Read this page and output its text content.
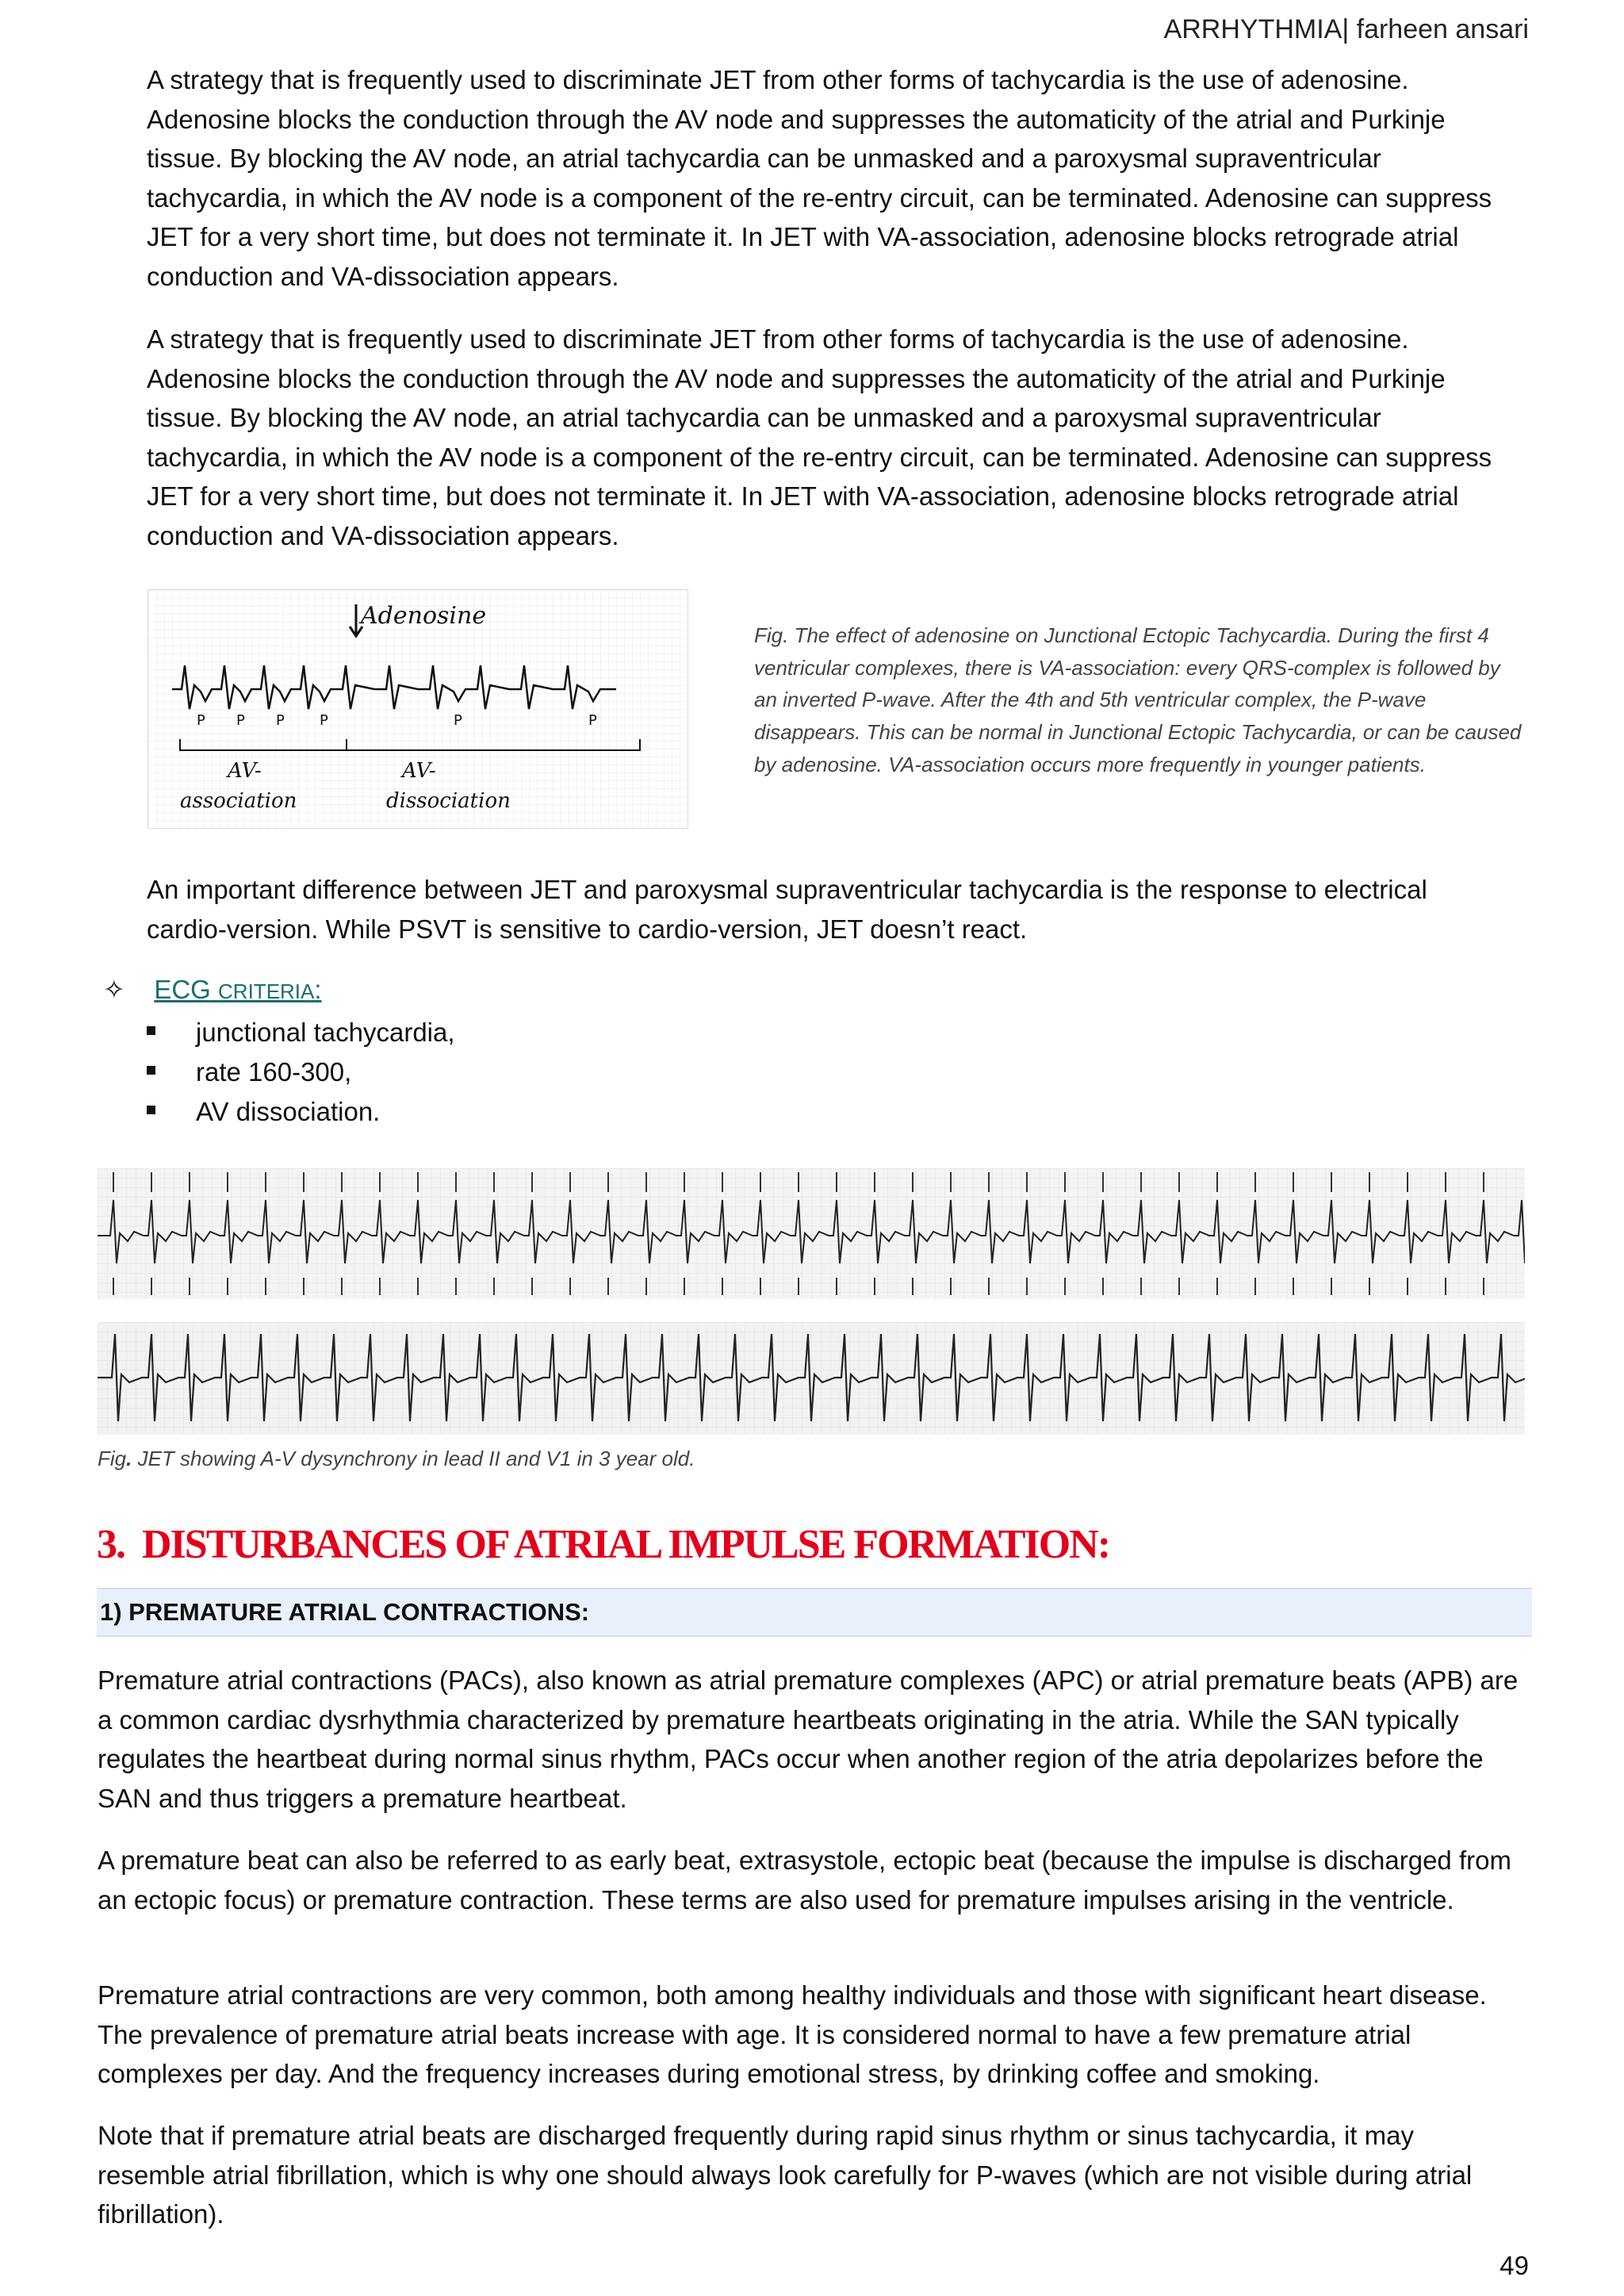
ARRHYTHMIA| farheen ansari

A strategy that is frequently used to discriminate JET from other forms of tachycardia is the use of adenosine. Adenosine blocks the conduction through the AV node and suppresses the automaticity of the atrial and Purkinje tissue. By blocking the AV node, an atrial tachycardia can be unmasked and a paroxysmal supraventricular tachycardia, in which the AV node is a component of the re-entry circuit, can be terminated. Adenosine can suppress JET for a very short time, but does not terminate it. In JET with VA-association, adenosine blocks retrograde atrial conduction and VA-dissociation appears.

A strategy that is frequently used to discriminate JET from other forms of tachycardia is the use of adenosine. Adenosine blocks the conduction through the AV node and suppresses the automaticity of the atrial and Purkinje tissue. By blocking the AV node, an atrial tachycardia can be unmasked and a paroxysmal supraventricular tachycardia, in which the AV node is a component of the re-entry circuit, can be terminated. Adenosine can suppress JET for a very short time, but does not terminate it. In JET with VA-association, adenosine blocks retrograde atrial conduction and VA-dissociation appears.

Adenosine
P P P P	P	P
AV- association
AV- dissociation
Fig. The effect of adenosine on Junctional Ectopic Tachycardia. During the first 4 ventricular complexes, there is VA-association: every QRS-complex is followed by an inverted P-wave. After the 4th and 5th ventricular complex, the P-wave disappears. This can be normal in Junctional Ectopic Tachycardia, or can be caused by adenosine. VA-association occurs more frequently in younger patients.

An important difference between JET and paroxysmal supraventricular tachycardia is the response to electrical cardio-version. While PSVT is sensitive to cardio-version, JET doesn’t react.

✧ ECG CRITERIA:
junctional tachycardia,
rate 160-300,
AV dissociation.
Fig. JET showing A-V dysynchrony in lead II and V1 in 3 year old.
3. DISTURBANCES OF ATRIAL IMPULSE FORMATION:
1) PREMATURE ATRIAL CONTRACTIONS:

Premature atrial contractions (PACs), also known as atrial premature complexes (APC) or atrial premature beats (APB) are a common cardiac dysrhythmia characterized by premature heartbeats originating in the atria. While the SAN typically regulates the heartbeat during normal sinus rhythm, PACs occur when another region of the atria depolarizes before the SAN and thus triggers a premature heartbeat.

A premature beat can also be referred to as early beat, extrasystole, ectopic beat (because the impulse is discharged from an ectopic focus) or premature contraction. These terms are also used for premature impulses arising in the ventricle.

Premature atrial contractions are very common, both among healthy individuals and those with significant heart disease. The prevalence of premature atrial beats increase with age. It is considered normal to have a few premature atrial complexes per day. And the frequency increases during emotional stress, by drinking coffee and smoking.

Note that if premature atrial beats are discharged frequently during rapid sinus rhythm or sinus tachycardia, it may resemble atrial fibrillation, which is why one should always look carefully for P-waves (which are not visible during atrial fibrillation).

49
